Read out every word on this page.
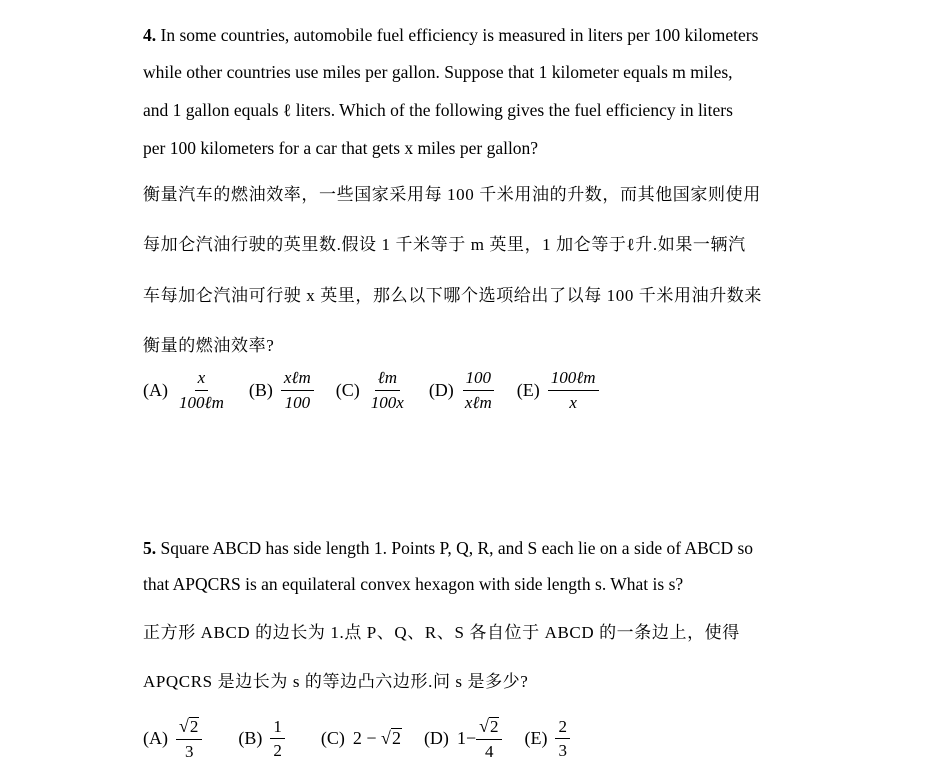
4. In some countries, automobile fuel efficiency is measured in liters per 100 kilometers
while other countries use miles per gallon. Suppose that 1 kilometer equals m miles,
and 1 gallon equals ℓ liters. Which of the following gives the fuel efficiency in liters
per 100 kilometers for a car that gets x miles per gallon?
衡量汽车的燃油效率，一些国家采用每 100 千米用油的升数，而其他国家则使用
每加仑汽油行驶的英里数.假设 1 千米等于 m 英里，1 加仑等于ℓ升.如果一辆汽
车每加仑汽油可行驶 x 英里，那么以下哪个选项给出了以每 100 千米用油升数来
衡量的燃油效率?
$(A) \frac{x}{\text{100ℓm}} (B) \frac{\text{xℓm}}{100} (C) \frac{\text{ℓm}}{100x} (D) \frac{100}{\text{xℓm}} (E) \frac{\text{100ℓm}}{x}$
5. Square ABCD has side length 1. Points P, Q, R, and S each lie on a side of ABCD so
that APQCRS is an equilateral convex hexagon with side length s. What is s?
正方形 ABCD 的边长为 1.点 P、Q、R、S 各自位于 ABCD 的一条边上，使得
APQCRS 是边长为 s 的等边凸六边形.问 s 是多少?
$(A) \frac{√ 2}{3} (B) \frac{1}{2} (C) 2$ − √ 2 (D) $1- \frac{√ 2}{4} (E) \frac{2}{3}$
